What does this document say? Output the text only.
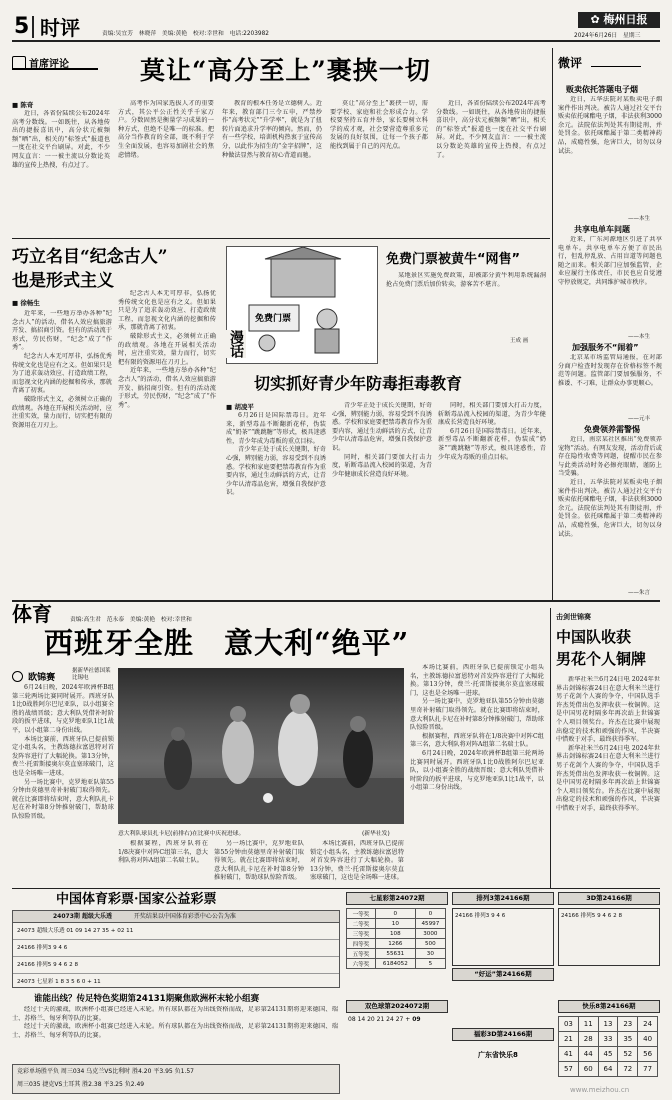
5 时评	责编:吴宜芳　林晓萍　美编:黄艳　校对:幸世和　电话:2203982
✿ 梅州日报
2024年6月26日　星期三
首席评论	莫让“高分至上”裹挟一切
■ 陈奇

近日，各省份陆续公布2024年高考分数线。一如既往，从各地传出的捷报喜讯中，高分状元被频频“晒”出，相关的“标签式”报道也一度在社交平台刷屏。对此，不少网友直言：一一被主流以分数论英雄的宣传上热搜，有点过了。

高考作为国家选拔人才的重要方式，其公平公正性关乎千家万户。分数固然是衡量学习成果的一种方式，但绝不是唯一的标准。把高分当作教育的全部，既不利于学生全面发展，也容易加剧社会的焦虑情绪。

教育的根本任务是立德树人。近年来，教育部门三令五申，严禁炒作“高考状元”“升学率”，就是为了扭转片面追求升学率的倾向。然而，仍有一些学校、培训机构热衷于宣传高分，以此作为招生的“金字招牌”，这种做法显然与教育初心背道而驰。

莫让“高分至上”裹挟一切，需要学校、家庭和社会形成合力。学校要坚持五育并举，家长要树立科学的成才观，社会要营造尊重多元发展的良好氛围，让每一个孩子都能找到属于自己的闪光点。

近日，各省份陆续公布2024年高考分数线。一如既往，从各地传出的捷报喜讯中，高分状元被频频“晒”出，相关的“标签式”报道也一度在社交平台刷屏。对此，不少网友直言：一一被主流以分数论英雄的宣传上热搜，有点过了。

微评
贩卖依托答题电子烟

近日，五华法院对某贩卖电子烟案件作出判决。被告人通过社交平台贩卖依托咪酯电子烟，非法获利3000余元。法院依法判处其有期徒刑，并处罚金。依托咪酯属于第二类精神药品，成瘾性强，危害巨大，切勿以身试法。

——本生
共享电单车问题

近来，广东河源地区引进了共享电单车。共享电单车方便了市民出行，但乱停乱放、占用盲道等问题也随之而来。相关部门应加强监管，企业应履行主体责任，市民也应自觉遵守停放规定，共同维护城市秩序。

——本生
加强服务不“闹着”

北京某市场监管局通报，在对部分商户检查时发现存在价格标签不规范等问题。监管部门要加强服务，不推诿、不刁难，让群众办事更顺心。

——元丰
免费领养需警惕

近日，南京某社区推出“免费领养宠物”活动。有网友发现，活动背后或存在隐性收费等问题，提醒市民在参与此类活动时务必擦亮眼睛，谨防上当受骗。

近日，五华法院对某贩卖电子烟案件作出判决。被告人通过社交平台贩卖依托咪酯电子烟，非法获利3000余元。法院依法判处其有期徒刑，并处罚金。依托咪酯属于第二类精神药品，成瘾性强，危害巨大，切勿以身试法。

——朱言
巧立名目“纪念古人”
也是形式主义
■ 徐畅生

近年来，一些地方举办各种“纪念古人”的活动，借名人效应搞旅游开发、搞招商引资。但有的活动流于形式，劳民伤财，“纪念”成了“作秀”。

纪念古人本无可厚非，弘扬优秀传统文化也是应有之义。但如果只是为了追求轰动效应、打造政绩工程，而忽视文化内涵的挖掘和传承，那就背离了初衷。

破除形式主义，必须树立正确的政绩观。各地在开展相关活动时，应注重实效，量力而行，切实把有限的资源用在刀刃上。

纪念古人本无可厚非，弘扬优秀传统文化也是应有之义。但如果只是为了追求轰动效应、打造政绩工程，而忽视文化内涵的挖掘和传承，那就背离了初衷。

破除形式主义，必须树立正确的政绩观。各地在开展相关活动时，应注重实效，量力而行，切实把有限的资源用在刀刃上。

近年来，一些地方举办各种“纪念古人”的活动，借名人效应搞旅游开发、搞招商引资。但有的活动流于形式，劳民伤财，“纪念”成了“作秀”。

免费门票
漫话
免费门票被黄牛“网售”

某地景区实施免费政策，却被部分黄牛利用系统漏洞抢占免费门票后加价转卖，游客苦不堪言。

王成 画
切实抓好青少年防毒拒毒教育
■ 胡凌平

6月26日是国际禁毒日。近年来，新型毒品不断翻新花样，伪装成“奶茶”“跳跳糖”等形式，极具迷惑性，青少年成为毒贩的重点目标。

青少年正处于成长关键期，好奇心强，辨别能力弱，容易受到不良诱惑。学校和家庭要把禁毒教育作为重要内容，通过生动鲜活的方式，让青少年认清毒品危害，增强自我保护意识。

青少年正处于成长关键期，好奇心强，辨别能力弱，容易受到不良诱惑。学校和家庭要把禁毒教育作为重要内容，通过生动鲜活的方式，让青少年认清毒品危害，增强自我保护意识。

同时，相关部门要加大打击力度，斩断毒品流入校园的渠道，为青少年健康成长营造良好环境。

同时，相关部门要加大打击力度，斩断毒品流入校园的渠道，为青少年健康成长营造良好环境。

6月26日是国际禁毒日。近年来，新型毒品不断翻新花样，伪装成“奶茶”“跳跳糖”等形式，极具迷惑性，青少年成为毒贩的重点目标。

体育	责编:高生君　范永泰　美编:黄艳　校对:幸世和
西班牙全胜　意大利“绝平”
欧锦赛
据新华社德国莱比锡电

6月24日晚，2024年欧洲杯B组第三轮两场比赛同时展开。西班牙队1比0战胜阿尔巴尼亚队，以小组赛全胜的战绩晋级；意大利队凭借补时阶段的扳平进球，与克罗地亚队1比1战平，以小组第二身份出线。

本场比赛前，西班牙队已提前锁定小组头名，主教练德拉富恩特对首发阵容进行了大幅轮换。第13分钟，费兰·托雷斯接奥尔莫直塞球破门，这也是全场唯一进球。

另一场比赛中，克罗地亚队第55分钟由莫德里奇补射破门取得领先。就在比赛即将结束时，意大利队扎卡尼在补时第8分钟推射破门，帮助球队惊险晋级。

意大利队球员扎卡尼(前排右)在比赛中庆祝进球。	(新华社发)

根据赛程，西班牙队将在1/8决赛中对阵C组第三名，意大利队将对阵A组第二名瑞士队。

另一场比赛中，克罗地亚队第55分钟由莫德里奇补射破门取得领先。就在比赛即将结束时，意大利队扎卡尼在补时第8分钟推射破门，帮助球队惊险晋级。

本场比赛前，西班牙队已提前锁定小组头名，主教练德拉富恩特对首发阵容进行了大幅轮换。第13分钟，费兰·托雷斯接奥尔莫直塞球破门，这也是全场唯一进球。

本场比赛前，西班牙队已提前锁定小组头名，主教练德拉富恩特对首发阵容进行了大幅轮换。第13分钟，费兰·托雷斯接奥尔莫直塞球破门，这也是全场唯一进球。

另一场比赛中，克罗地亚队第55分钟由莫德里奇补射破门取得领先。就在比赛即将结束时，意大利队扎卡尼在补时第8分钟推射破门，帮助球队惊险晋级。

根据赛程，西班牙队将在1/8决赛中对阵C组第三名，意大利队将对阵A组第二名瑞士队。

6月24日晚，2024年欧洲杯B组第三轮两场比赛同时展开。西班牙队1比0战胜阿尔巴尼亚队，以小组赛全胜的战绩晋级；意大利队凭借补时阶段的扳平进球，与克罗地亚队1比1战平，以小组第二身份出线。

击剑世锦赛
中国队收获
男花个人铜牌

新华社米兰6月24日电 2024年世界击剑锦标赛24日在意大利米兰进行男子花剑个人赛的争夺，中国队选手许杰凭借出色发挥收获一枚铜牌。这是中国男花时隔多年再次站上世锦赛个人项目领奖台。许杰在比赛中展现出稳定的技术和顽强的作风，半决赛中惜败于对手，最终获得季军。

新华社米兰6月24日电 2024年世界击剑锦标赛24日在意大利米兰进行男子花剑个人赛的争夺，中国队选手许杰凭借出色发挥收获一枚铜牌。这是中国男花时隔多年再次站上世锦赛个人项目领奖台。许杰在比赛中展现出稳定的技术和顽强的作风，半决赛中惜败于对手，最终获得季军。

中国体育彩票·国家公益彩票
24073期 超级大乐透	开奖结果以中国体育彩票中心公告为准
24073 超级大乐透 01 09 14 27 35 + 02 11
24166 排列3 9 4 6
24166 排列5 9 4 6 2 8
24073 七星彩 1 8 3 5 6 0 + 11
谁能出线？传足特色奖期第24131期聚焦欧洲杯末轮小组赛

经过十天的激战，欧洲杯小组赛已经进入末轮。所有球队都在为出线资格而战，足彩第24131期将迎来德国、瑞士、苏格兰、匈牙利等队的比赛。

经过十天的激战，欧洲杯小组赛已经进入末轮。所有球队都在为出线资格而战，足彩第24131期将迎来德国、瑞士、苏格兰、匈牙利等队的比赛。

竞彩单场胜平负 周三034 乌克兰VS比利时 胜4.20 平3.95 负1.57
周三035 捷克VS土耳其 胜2.38 平3.25 负2.49
七星彩第24072期	排列3第24166期	3D第24166期
一等奖	0	0
二等奖	10	45997
三等奖	108	3000
四等奖	1266	500
五等奖	55631	30
六等奖	6184052	5
24166 排列3 9 4 6	24166 排列5 9 4 6 2 8
“好运”第24166期
双色球第2024072期
08 14 20 21 24 27 + 09
福彩3D第24166期
广东省快乐8
快乐8第24166期
03	11	13	23	24
21	28	33	35	40
41	44	45	52	56
57	60	64	72	77
www.meizhou.cn
